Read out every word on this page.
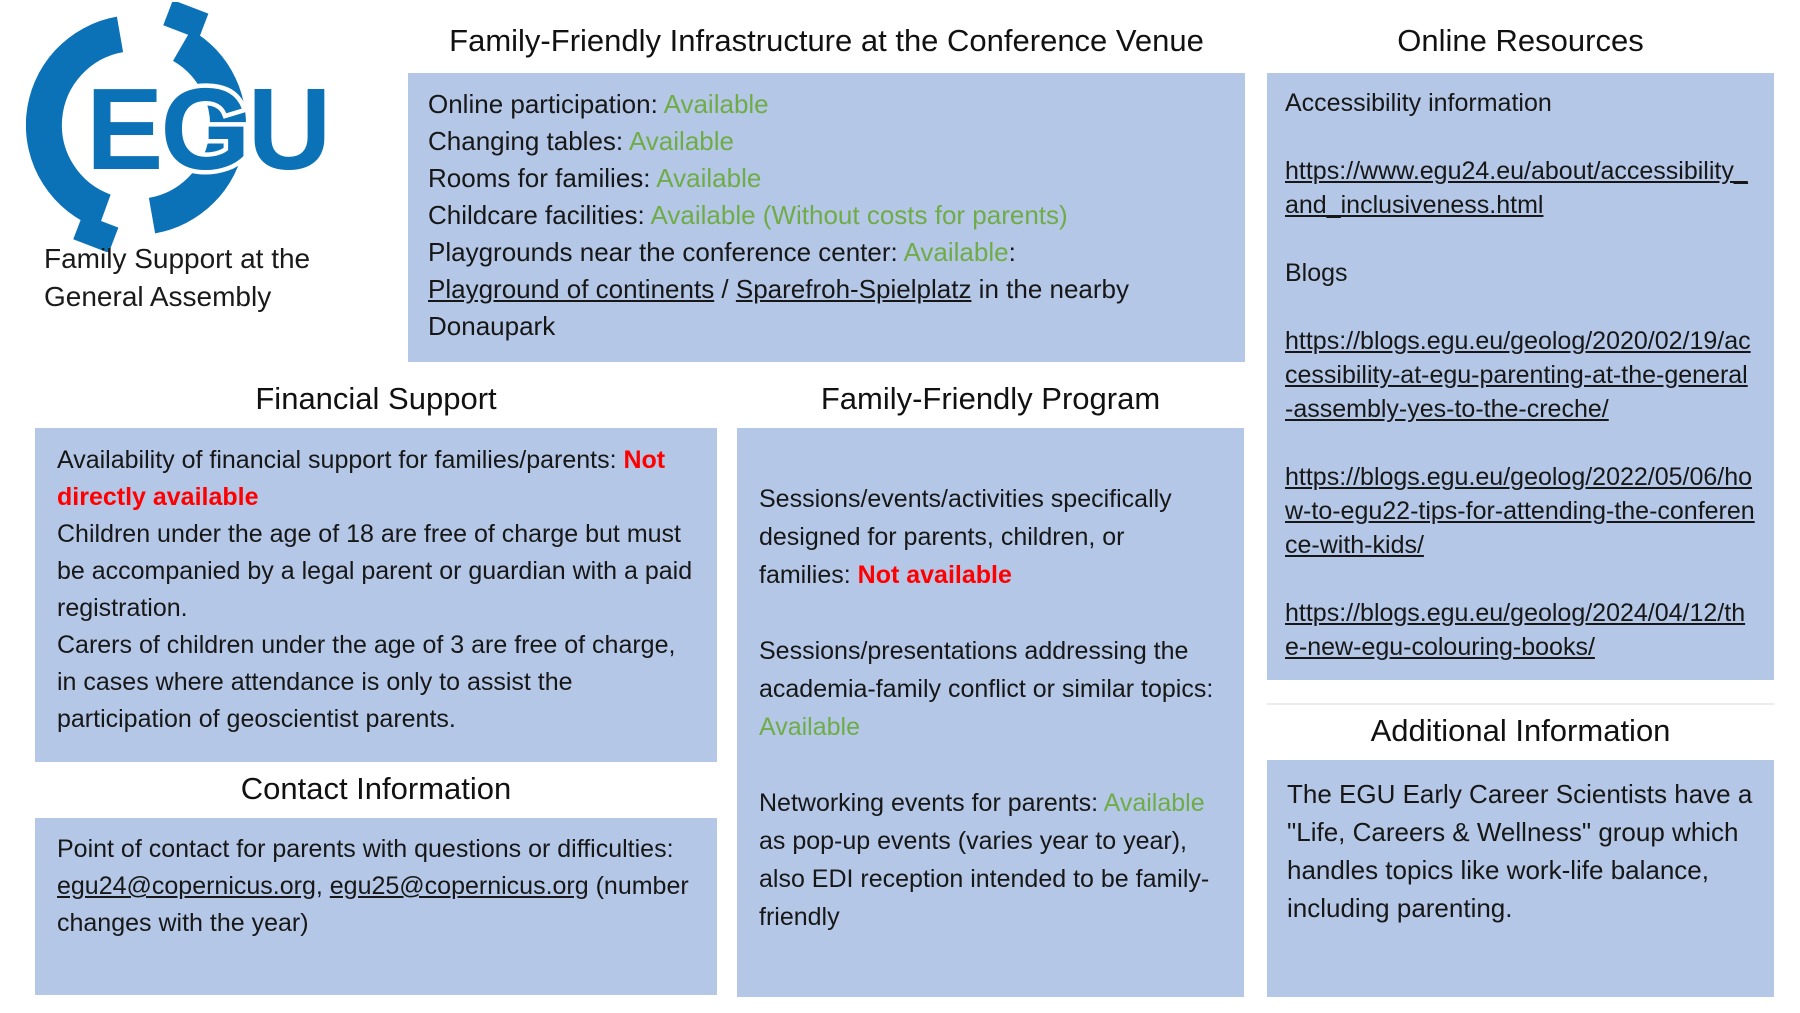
EGU
Family Support at the General Assembly
Family-Friendly Infrastructure at the Conference Venue
Online participation: Available
Changing tables: Available
Rooms for families: Available
Childcare facilities: Available (Without costs for parents)
Playgrounds near the conference center: Available:
Playground of continents / Sparefroh-Spielplatz in the nearby Donaupark
Online Resources
Accessibility information
https://www.egu24.eu/about/accessibility_and_inclusiveness.html
Blogs
https://blogs.egu.eu/geolog/2020/02/19/accessibility-at-egu-parenting-at-the-general-assembly-yes-to-the-creche/
https://blogs.egu.eu/geolog/2022/05/06/how-to-egu22-tips-for-attending-the-conference-with-kids/
https://blogs.egu.eu/geolog/2024/04/12/the-new-egu-colouring-books/
Financial Support
Availability of financial support for families/parents: Not directly available
Children under the age of 18 are free of charge but must be accompanied by a legal parent or guardian with a paid registration.
Carers of children under the age of 3 are free of charge, in cases where attendance is only to assist the participation of geoscientist parents.
Family-Friendly Program
Sessions/events/activities specifically designed for parents, children, or families: Not available
Sessions/presentations addressing the academia-family conflict or similar topics: Available
Networking events for parents: Available as pop-up events (varies year to year), also EDI reception intended to be family-friendly
Contact Information
Point of contact for parents with questions or difficulties: egu24@copernicus.org, egu25@copernicus.org (number changes with the year)
Additional Information
The EGU Early Career Scientists have a "Life, Careers & Wellness" group which handles topics like work-life balance, including parenting.
